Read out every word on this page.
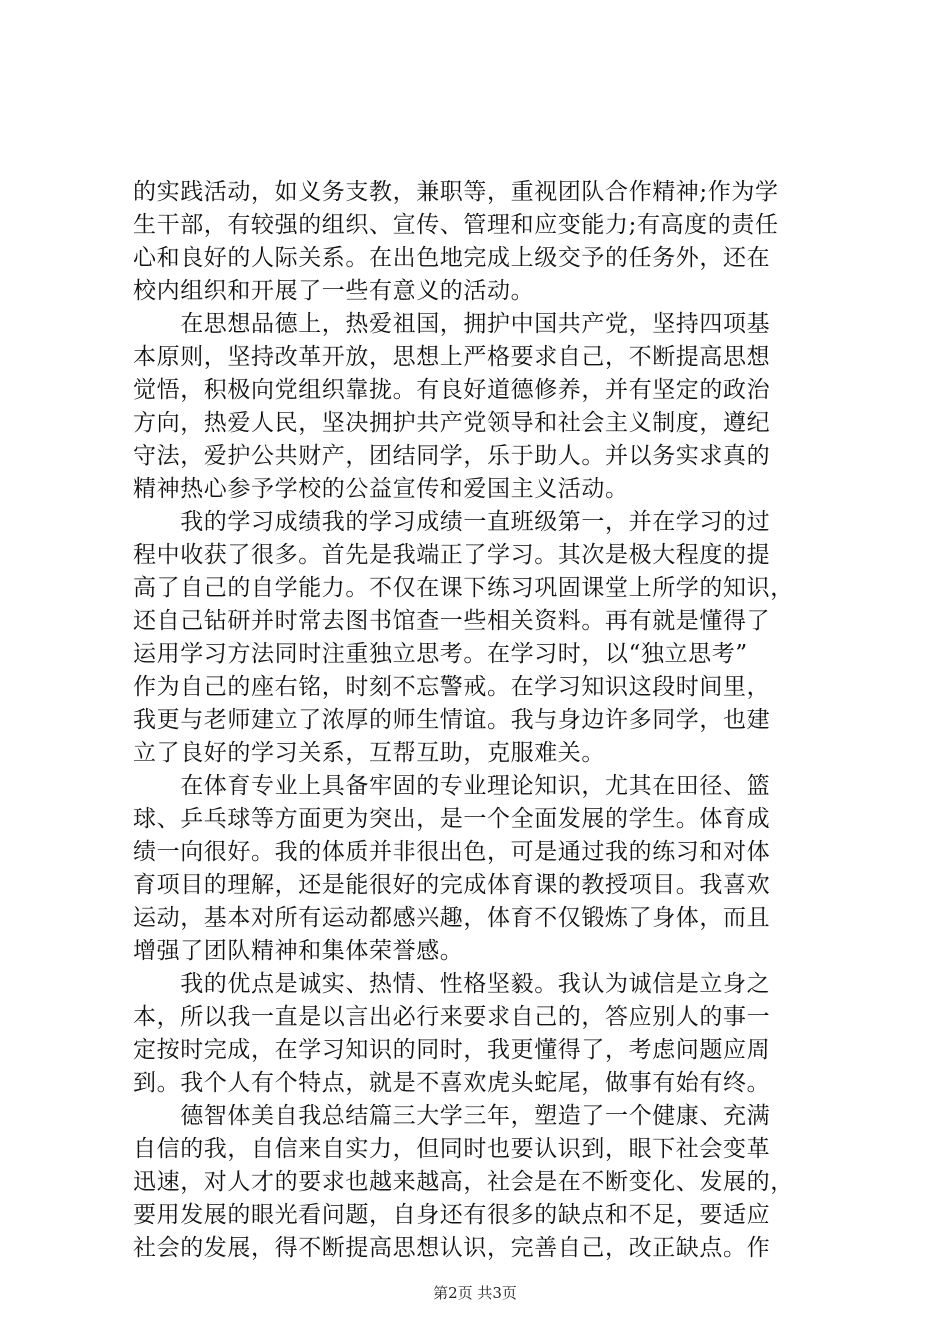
的实践活动，如义务支教，兼职等，重视团队合作精神;作为学
生干部，有较强的组织、宣传、管理和应变能力;有高度的责任
心和良好的人际关系。在出色地完成上级交予的任务外，还在
校内组织和开展了一些有意义的活动。
　　在思想品德上，热爱祖国，拥护中国共产党，坚持四项基
本原则，坚持改革开放，思想上严格要求自己，不断提高思想
觉悟，积极向党组织靠拢。有良好道德修养，并有坚定的政治
方向，热爱人民，坚决拥护共产党领导和社会主义制度，遵纪
守法，爱护公共财产，团结同学，乐于助人。并以务实求真的
精神热心参予学校的公益宣传和爱国主义活动。
　　我的学习成绩我的学习成绩一直班级第一，并在学习的过
程中收获了很多。首先是我端正了学习。其次是极大程度的提
高了自己的自学能力。不仅在课下练习巩固课堂上所学的知识，
还自己钻研并时常去图书馆查一些相关资料。再有就是懂得了
运用学习方法同时注重独立思考。在学习时，以“独立思考”
作为自己的座右铭，时刻不忘警戒。在学习知识这段时间里，
我更与老师建立了浓厚的师生情谊。我与身边许多同学，也建
立了良好的学习关系，互帮互助，克服难关。
　　在体育专业上具备牢固的专业理论知识，尤其在田径、篮
球、乒乓球等方面更为突出，是一个全面发展的学生。体育成
绩一向很好。我的体质并非很出色，可是通过我的练习和对体
育项目的理解，还是能很好的完成体育课的教授项目。我喜欢
运动，基本对所有运动都感兴趣，体育不仅锻炼了身体，而且
增强了团队精神和集体荣誉感。
　　我的优点是诚实、热情、性格坚毅。我认为诚信是立身之
本，所以我一直是以言出必行来要求自己的，答应别人的事一
定按时完成，在学习知识的同时，我更懂得了，考虑问题应周
到。我个人有个特点，就是不喜欢虎头蛇尾，做事有始有终。
　　德智体美自我总结篇三大学三年，塑造了一个健康、充满
自信的我，自信来自实力，但同时也要认识到，眼下社会变革
迅速，对人才的要求也越来越高，社会是在不断变化、发展的，
要用发展的眼光看问题，自身还有很多的缺点和不足，要适应
社会的发展，得不断提高思想认识，完善自己，改正缺点。作
第2页 共3页
